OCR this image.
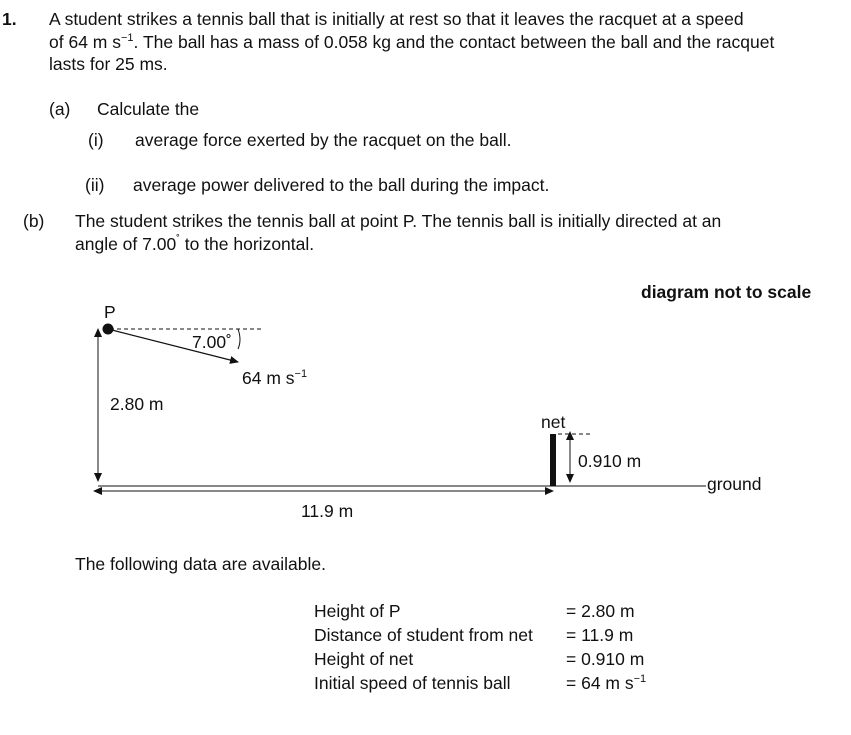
1. A student strikes a tennis ball that is initially at rest so that it leaves the racquet at a speed
of 64 m $s^{-1}$. The ball has a mass of 0.058 kg and the contact between the ball and the racquet
lasts for 25 ms.
(a) Calculate the
(i) average force exerted by the racquet on the ball.
(ii) average power delivered to the ball during the impact.
(b) The student strikes the tennis ball at point P. The tennis ball is initially directed at an
angle of 7.00˚ to the horizontal.
diagram not to scale
P
7.00˚
64 m $s^{-1}$
2.80 m
net
0.910 m
ground
11.9 m
The following data are available.
Height of P	= 2.80 m
Distance of student from net = 11.9 m
Height of net	= 0.910 m
Initial speed of tennis ball	= 64 m $s^{-1}$
